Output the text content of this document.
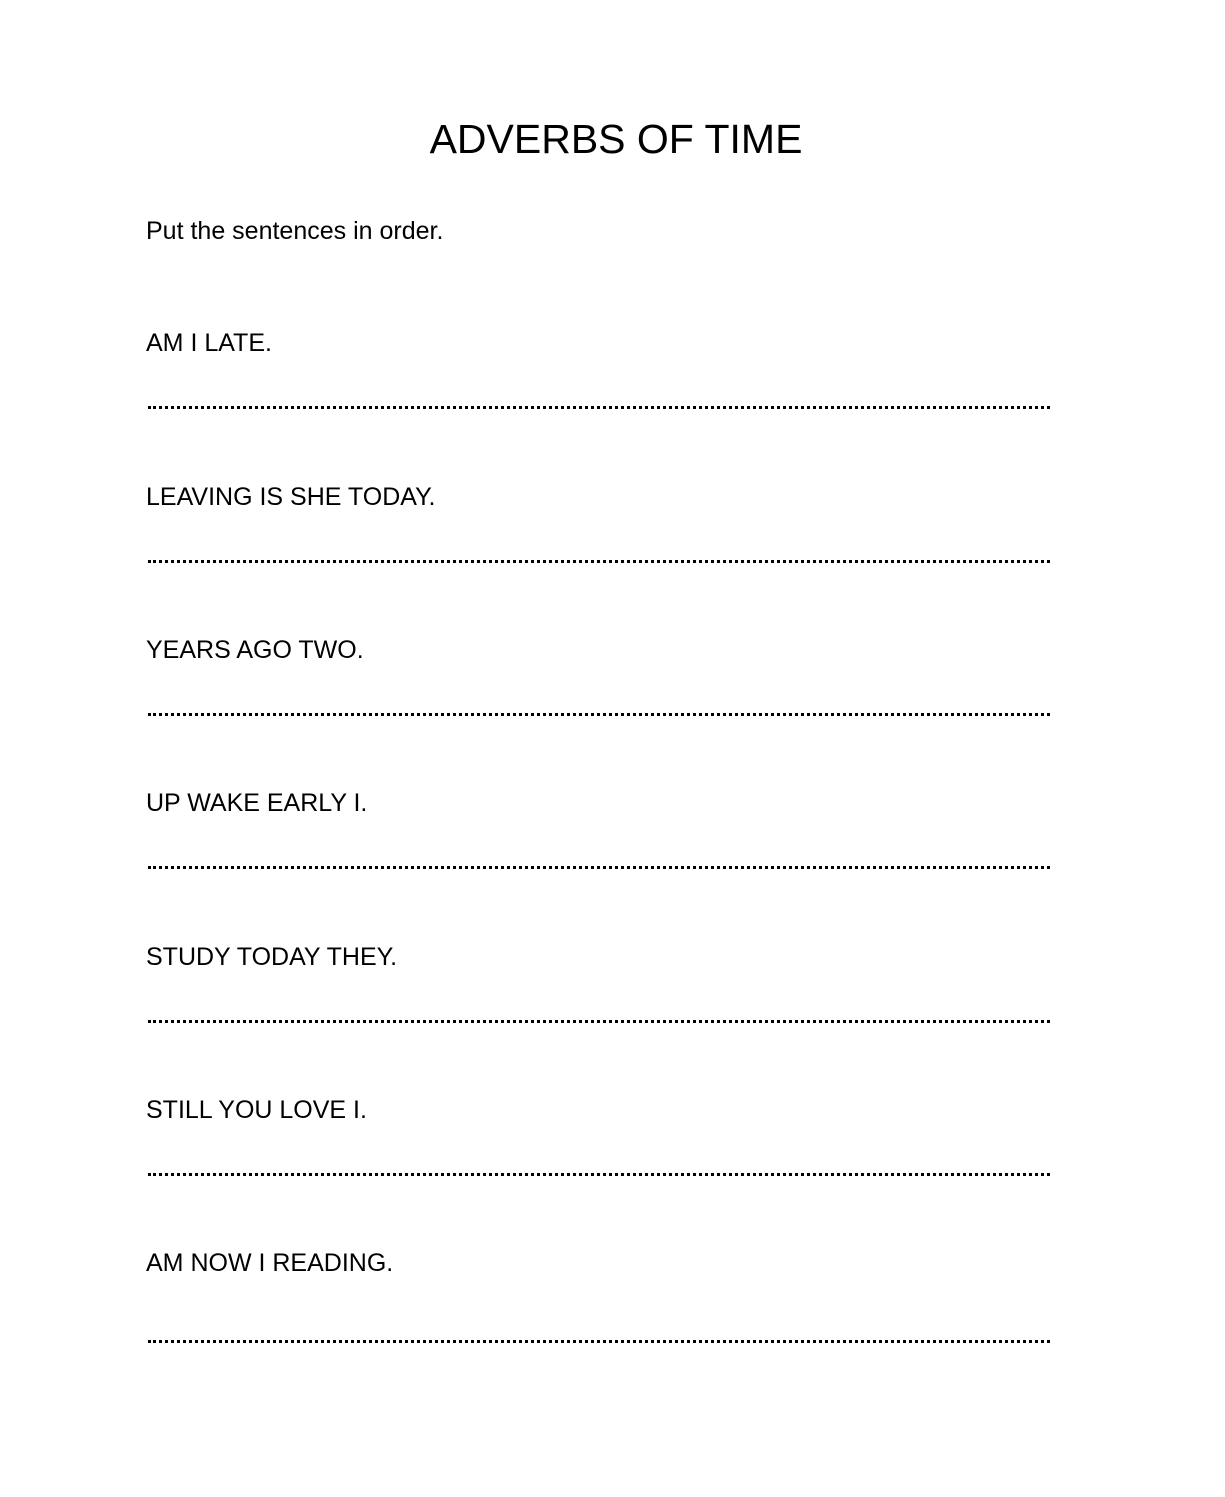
ADVERBS OF TIME
Put the sentences in order.
AM I LATE.
LEAVING IS SHE TODAY.
YEARS AGO TWO.
UP WAKE EARLY I.
STUDY TODAY THEY.
STILL YOU LOVE I.
AM NOW I READING.
